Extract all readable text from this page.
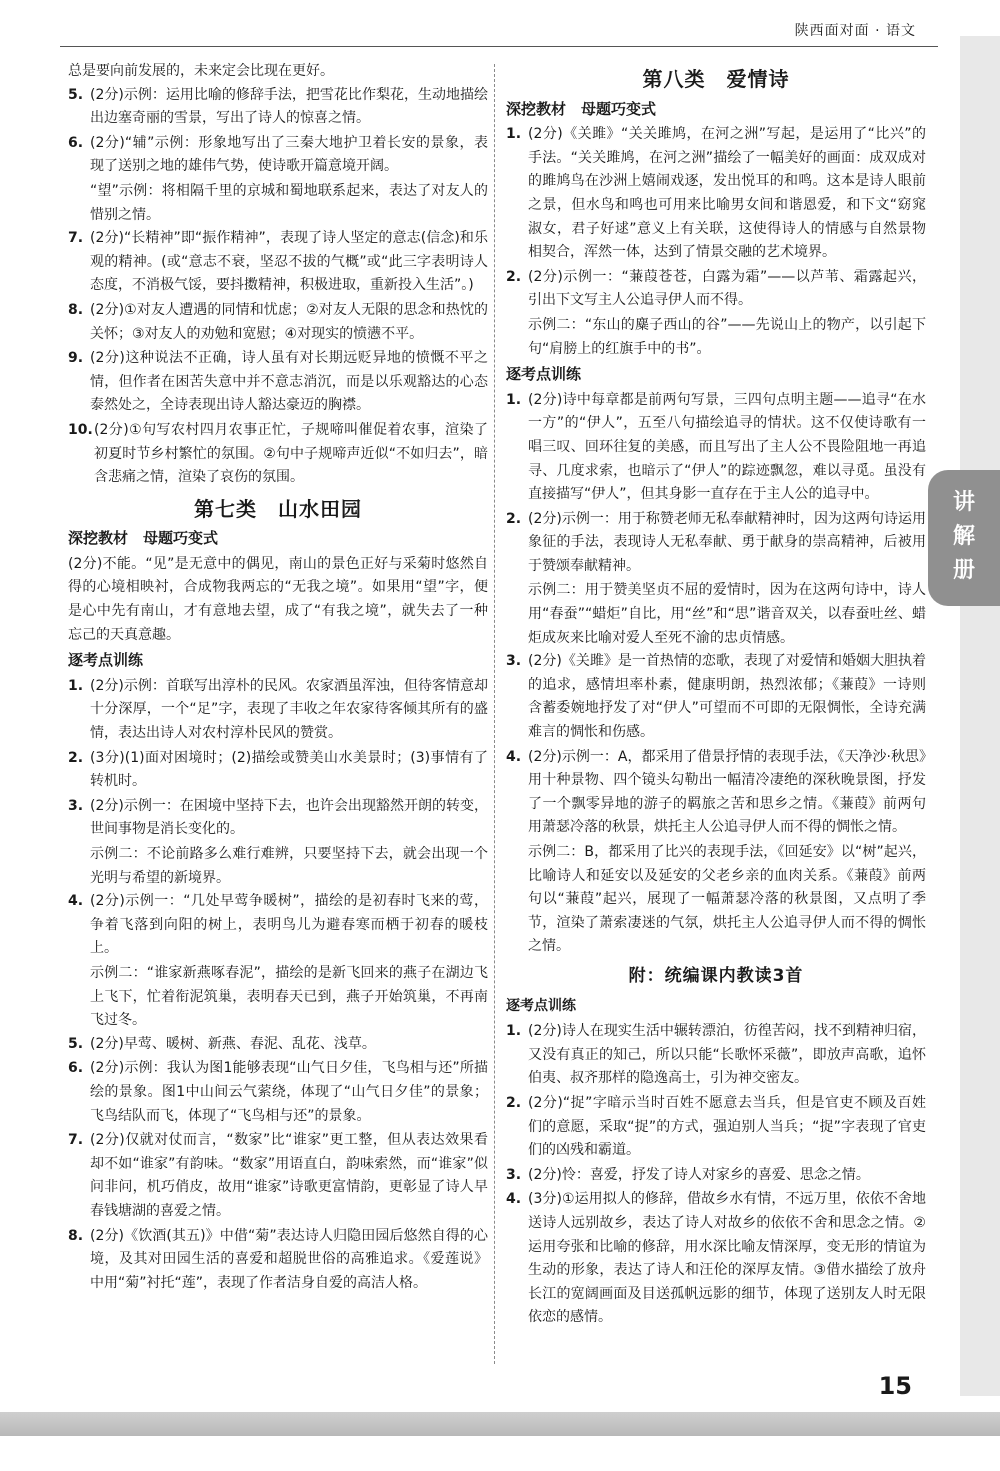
陕西面对面 · 语文
讲
解
册

总是要向前发展的，未来定会比现在更好。

5. (2分)示例：运用比喻的修辞手法，把雪花比作梨花，生动地描绘出边塞奇丽的雪景，写出了诗人的惊喜之情。
6. (2分)“辅”示例：形象地写出了三秦大地护卫着长安的景象，表现了送别之地的雄伟气势，使诗歌开篇意境开阔。

“望”示例：将相隔千里的京城和蜀地联系起来，表达了对友人的惜别之情。

7. (2分)“长精神”即“振作精神”，表现了诗人坚定的意志(信念)和乐观的精神。(或“意志不衰，坚忍不拔的气概”或“此三字表明诗人态度，不消极气馁，要抖擞精神，积极进取，重新投入生活”。)
8. (2分)①对友人遭遇的同情和忧虑；②对友人无限的思念和热忱的关怀；③对友人的劝勉和宽慰；④对现实的愤懑不平。
9. (2分)这种说法不正确，诗人虽有对长期远贬异地的愤慨不平之情，但作者在困苦失意中并不意志消沉，而是以乐观豁达的心态泰然处之，全诗表现出诗人豁达豪迈的胸襟。
10. (2分)①句写农村四月农事正忙，子规啼叫催促着农事，渲染了初夏时节乡村繁忙的氛围。②句中子规啼声近似“不如归去”，暗含悲痛之情，渲染了哀伤的氛围。
第七类　山水田园
深挖教材　母题巧变式

(2分)不能。“见”是无意中的偶见，南山的景色正好与采菊时悠然自得的心境相映衬，合成物我两忘的“无我之境”。如果用“望”字，便是心中先有南山，才有意地去望，成了“有我之境”，就失去了一种忘己的天真意趣。

逐考点训练
1. (2分)示例：首联写出淳朴的民风。农家酒虽浑浊，但待客情意却十分深厚，一个“足”字，表现了丰收之年农家待客倾其所有的盛情，表达出诗人对农村淳朴民风的赞赏。
2. (3分)(1)面对困境时；(2)描绘或赞美山水美景时；(3)事情有了转机时。
3. (2分)示例一：在困境中坚持下去，也许会出现豁然开朗的转变，世间事物是消长变化的。

示例二：不论前路多么难行难辨，只要坚持下去，就会出现一个光明与希望的新境界。

4. (2分)示例一：“几处早莺争暖树”，描绘的是初春时飞来的莺，争着飞落到向阳的树上，表明鸟儿为避春寒而栖于初春的暖枝上。

示例二：“谁家新燕啄春泥”，描绘的是新飞回来的燕子在湖边飞上飞下，忙着衔泥筑巢，表明春天已到，燕子开始筑巢，不再南飞过冬。

5. (2分)早莺、暖树、新燕、春泥、乱花、浅草。
6. (2分)示例：我认为图1能够表现“山气日夕佳，飞鸟相与还”所描绘的景象。图1中山间云气萦绕，体现了“山气日夕佳”的景象；飞鸟结队而飞，体现了“飞鸟相与还”的景象。
7. (2分)仅就对仗而言，“数家”比“谁家”更工整，但从表达效果看却不如“谁家”有韵味。“数家”用语直白，韵味索然，而“谁家”似问非问，机巧俏皮，故用“谁家”诗歌更富情韵，更彰显了诗人早春钱塘湖的喜爱之情。
8. (2分)《饮酒(其五)》中借“菊”表达诗人归隐田园后悠然自得的心境，及其对田园生活的喜爱和超脱世俗的高雅追求。《爱莲说》中用“菊”衬托“莲”，表现了作者洁身自爱的高洁人格。
第八类　爱情诗
深挖教材　母题巧变式
1. (2分)《关雎》“关关雎鸠，在河之洲”写起，是运用了“比兴”的手法。“关关雎鸠，在河之洲”描绘了一幅美好的画面：成双成对的雎鸠鸟在沙洲上嬉闹戏逐，发出悦耳的和鸣。这本是诗人眼前之景，但水鸟和鸣也可用来比喻男女间和谐恩爱，和下文“窈窕淑女，君子好逑”意义上有关联，这使得诗人的情感与自然景物相契合，浑然一体，达到了情景交融的艺术境界。
2. (2分)示例一：“蒹葭苍苍，白露为霜”——以芦苇、霜露起兴，引出下文写主人公追寻伊人而不得。

示例二：“东山的麋子西山的谷”——先说山上的物产，以引起下句“肩膀上的红旗手中的书”。

逐考点训练
1. (2分)诗中每章都是前两句写景，三四句点明主题——追寻“在水一方”的“伊人”，五至八句描绘追寻的情状。这不仅使诗歌有一唱三叹、回环往复的美感，而且写出了主人公不畏险阻地一再追寻、几度求索，也暗示了“伊人”的踪迹飘忽，难以寻觅。虽没有直接描写“伊人”，但其身影一直存在于主人公的追寻中。
2. (2分)示例一：用于称赞老师无私奉献精神时，因为这两句诗运用象征的手法，表现诗人无私奉献、勇于献身的崇高精神，后被用于赞颂奉献精神。

示例二：用于赞美坚贞不屈的爱情时，因为在这两句诗中，诗人用“春蚕”“蜡炬”自比，用“丝”和“思”谐音双关，以春蚕吐丝、蜡炬成灰来比喻对爱人至死不渝的忠贞情感。

3. (2分)《关雎》是一首热情的恋歌，表现了对爱情和婚姻大胆执着的追求，感情坦率朴素，健康明朗，热烈浓郁；《蒹葭》一诗则含蓄委婉地抒发了对“伊人”可望而不可即的无限惆怅，全诗充满难言的惆怅和伤感。
4. (2分)示例一：A，都采用了借景抒情的表现手法，《天净沙·秋思》用十种景物、四个镜头勾勒出一幅清冷凄绝的深秋晚景图，抒发了一个飘零异地的游子的羁旅之苦和思乡之情。《蒹葭》前两句用萧瑟冷落的秋景，烘托主人公追寻伊人而不得的惆怅之情。

示例二：B，都采用了比兴的表现手法，《回延安》以“树”起兴，比喻诗人和延安以及延安的父老乡亲的血肉关系。《蒹葭》前两句以“蒹葭”起兴，展现了一幅萧瑟冷落的秋景图，又点明了季节，渲染了萧索凄迷的气氛，烘托主人公追寻伊人而不得的惆怅之情。

附：统编课内教读3首
逐考点训练
1. (2分)诗人在现实生活中辗转漂泊，彷徨苦闷，找不到精神归宿，又没有真正的知己，所以只能“长歌怀采薇”，即放声高歌，追怀伯夷、叔齐那样的隐逸高士，引为神交密友。
2. (2分)“捉”字暗示当时百姓不愿意去当兵，但是官吏不顾及百姓们的意愿，采取“捉”的方式，强迫别人当兵；“捉”字表现了官吏们的凶残和霸道。
3. (2分)怜：喜爱，抒发了诗人对家乡的喜爱、思念之情。
4. (3分)①运用拟人的修辞，借故乡水有情，不远万里，依依不舍地送诗人远别故乡，表达了诗人对故乡的依依不舍和思念之情。②运用夸张和比喻的修辞，用水深比喻友情深厚，变无形的情谊为生动的形象，表达了诗人和汪伦的深厚友情。③借水描绘了放舟长江的宽阔画面及目送孤帆远影的细节，体现了送别友人时无限依恋的感情。
15
